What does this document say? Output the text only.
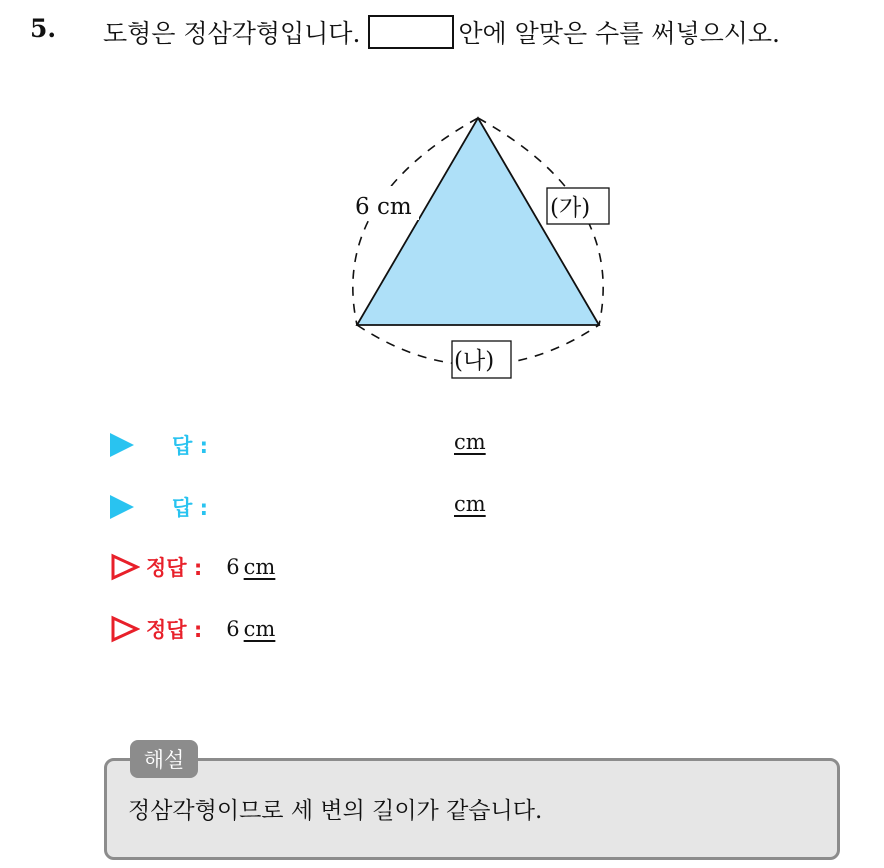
5. 도형은 정삼각형입니다.	안에 알맞은 수를 써넣으시오.
6 cm	(가)
(나)
답 :	cm
답 :	cm
정답 : 6 cm
정답 : 6 cm
해설
정삼각형이므로 세 변의 길이가 같습니다.
